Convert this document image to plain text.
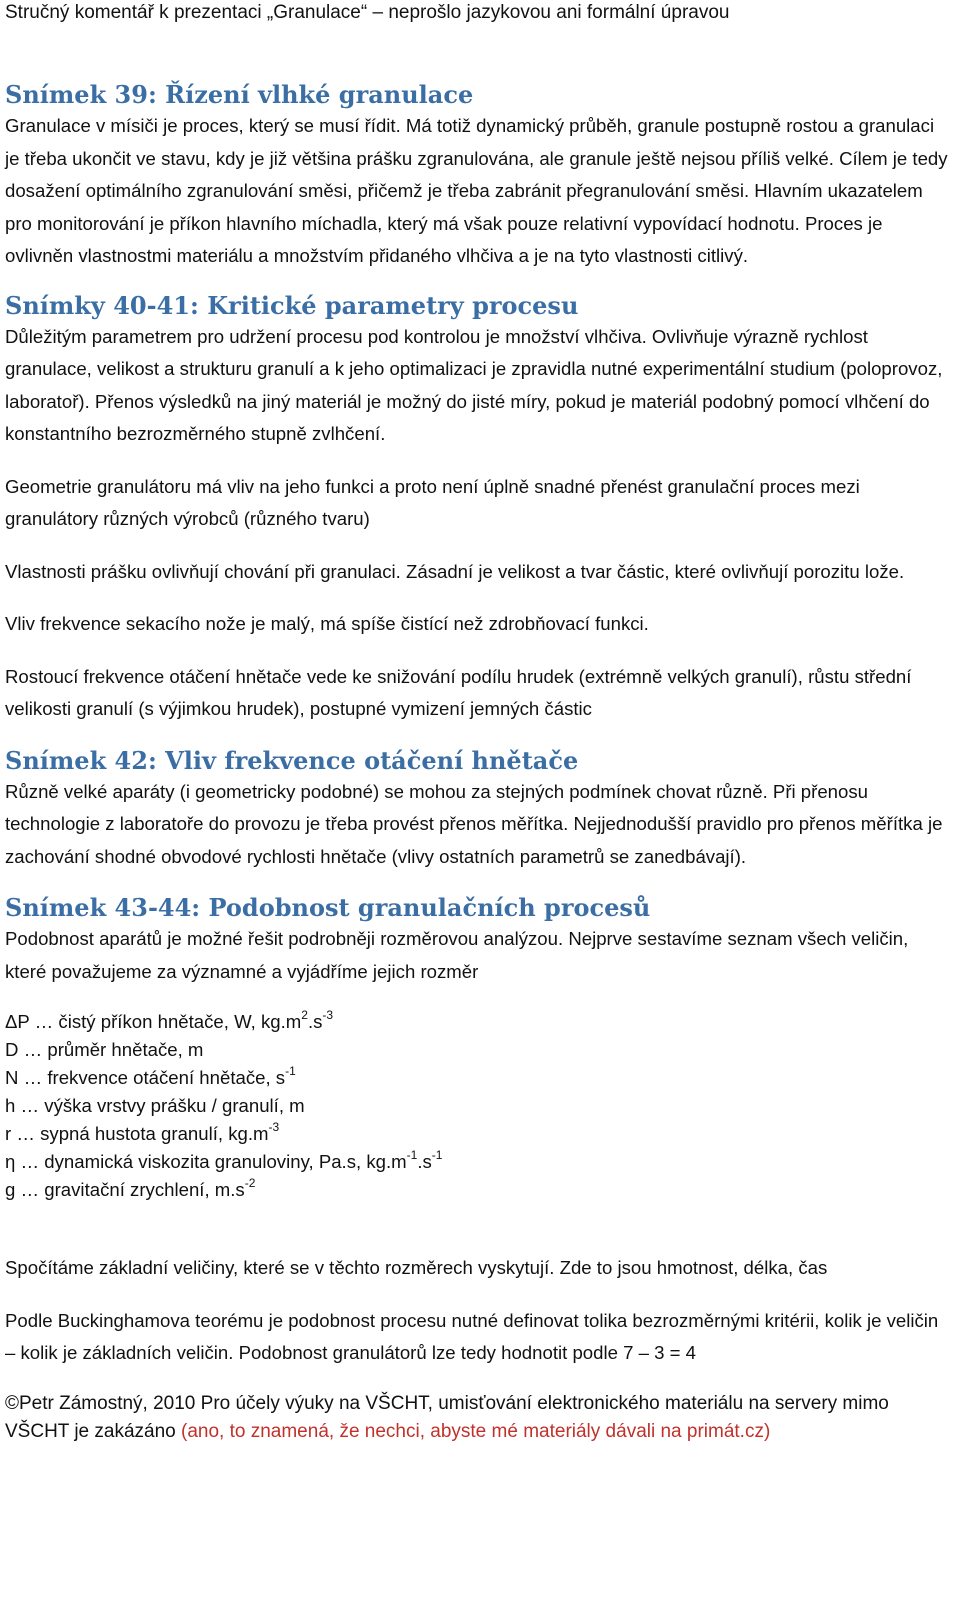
Stručný komentář k prezentaci „Granulace“ – neprošlo jazykovou ani formální úpravou

Snímek 39: Řízení vlhké granulace

Granulace v mísiči je proces, který se musí řídit. Má totiž dynamický průběh, granule postupně rostou a granulaci je třeba ukončit ve stavu, kdy je již většina prášku zgranulována, ale granule ještě nejsou příliš velké. Cílem je tedy dosažení optimálního zgranulování směsi, přičemž je třeba zabránit přegranulování směsi. Hlavním ukazatelem pro monitorování je příkon hlavního míchadla, který má však pouze relativní vypovídací hodnotu. Proces je ovlivněn vlastnostmi materiálu a množstvím přidaného vlhčiva a je na tyto vlastnosti citlivý.

Snímky 40-41: Kritické parametry procesu

Důležitým parametrem pro udržení procesu pod kontrolou je množství vlhčiva. Ovlivňuje výrazně rychlost granulace, velikost a strukturu granulí a k jeho optimalizaci je zpravidla nutné experimentální studium (poloprovoz, laboratoř). Přenos výsledků na jiný materiál je možný do jisté míry, pokud je materiál podobný pomocí vlhčení do konstantního bezrozměrného stupně zvlhčení.

Geometrie granulátoru má vliv na jeho funkci a proto není úplně snadné přenést granulační proces mezi granulátory různých výrobců (různého tvaru)

Vlastnosti prášku ovlivňují chování při granulaci. Zásadní je velikost a tvar částic, které ovlivňují porozitu lože.

Vliv frekvence sekacího nože je malý, má spíše čistící než zdrobňovací funkci.

Rostoucí frekvence otáčení hnětače vede ke snižování podílu hrudek (extrémně velkých granulí), růstu střední velikosti granulí (s výjimkou hrudek), postupné vymizení jemných částic

Snímek 42: Vliv frekvence otáčení hnětače

Různě velké aparáty (i geometricky podobné) se mohou za stejných podmínek chovat různě. Při přenosu technologie z laboratoře do provozu je třeba provést přenos měřítka. Nejjednodušší pravidlo pro přenos měřítka je zachování shodné obvodové rychlosti hnětače (vlivy ostatních parametrů se zanedbávají).

Snímek 43-44: Podobnost granulačních procesů

Podobnost aparátů je možné řešit podrobněji rozměrovou analýzou. Nejprve sestavíme seznam všech veličin, které považujeme za významné a vyjádříme jejich rozměr

ΔP … čistý příkon hnětače, W, $kg.m^2.s^{-3}$
D … průměr hnětače, m
N … frekvence otáčení hnětače, $s^{-1}$
h … výška vrstvy prášku / granulí, m
r … sypná hustota granulí, $kg.m^{-3}$
η … dynamická viskozita granuloviny, Pa.s, $kg.m^{-1}.s^{-1}$
g … gravitační zrychlení, $m.s^{-2}$

Spočítáme základní veličiny, které se v těchto rozměrech vyskytují. Zde to jsou hmotnost, délka, čas

Podle Buckinghamova teorému je podobnost procesu nutné definovat tolika bezrozměrnými kritérii, kolik je veličin – kolik je základních veličin. Podobnost granulátorů lze tedy hodnotit podle 7 – 3 = 4

©Petr Zámostný, 2010 Pro účely výuky na VŠCHT, umisťování elektronického materiálu na servery mimo VŠCHT je zakázáno (ano, to znamená, že nechci, abyste mé materiály dávali na primát.cz)
